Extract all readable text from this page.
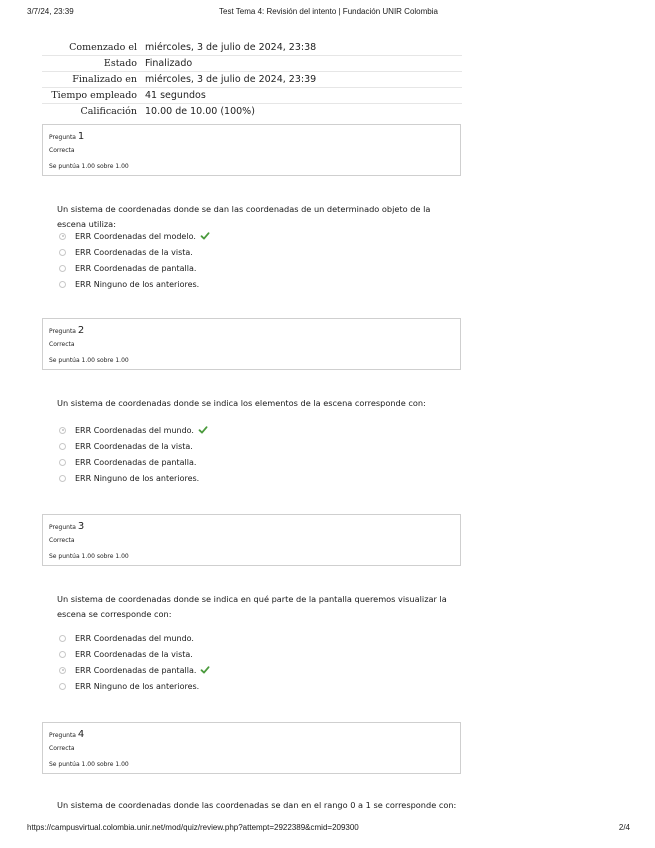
3/7/24, 23:39	Test Tema 4: Revisión del intento | Fundación UNIR Colombia
Comenzado el	miércoles, 3 de julio de 2024, 23:38
Estado	Finalizado
Finalizado en	miércoles, 3 de julio de 2024, 23:39
Tiempo empleado	41 segundos
Calificación	10.00 de 10.00 (100%)
Pregunta 1
Correcta
Se puntúa 1.00 sobre 1.00
Un sistema de coordenadas donde se dan las coordenadas de un determinado objeto de la escena utiliza:
ERR Coordenadas del modelo.
ERR Coordenadas de la vista.
ERR Coordenadas de pantalla.
ERR Ninguno de los anteriores.
Pregunta 2
Correcta
Se puntúa 1.00 sobre 1.00
Un sistema de coordenadas donde se indica los elementos de la escena corresponde con:
ERR Coordenadas del mundo.
ERR Coordenadas de la vista.
ERR Coordenadas de pantalla.
ERR Ninguno de los anteriores.
Pregunta 3
Correcta
Se puntúa 1.00 sobre 1.00
Un sistema de coordenadas donde se indica en qué parte de la pantalla queremos visualizar la escena se corresponde con:
ERR Coordenadas del mundo.
ERR Coordenadas de la vista.
ERR Coordenadas de pantalla.
ERR Ninguno de los anteriores.
Pregunta 4
Correcta
Se puntúa 1.00 sobre 1.00
Un sistema de coordenadas donde las coordenadas se dan en el rango 0 a 1 se corresponde con:
https://campusvirtual.colombia.unir.net/mod/quiz/review.php?attempt=2922389&cmid=209300	2/4
